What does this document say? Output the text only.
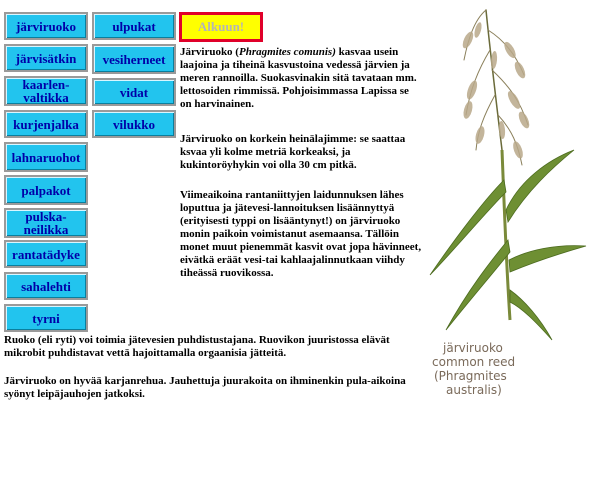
järviruoko
järvisätkin
kaarlen-
valtikka
kurjenjalka
lahnaruohot
palpakot
pulska-
neilikka
rantatädyke
sahalehti
tyrni
ulpukat
vesiherneet
vidat
vilukko
Alkuun!

Järviruoko (Phragmites comunis) kasvaa usein laajoina ja tiheinä kasvustoina vedessä järvien ja meren rannoilla. Suokasvinakin sitä tavataan mm. lettosoiden rimmissä. Pohjoisimmassa Lapissa se on harvinainen.

Järviruoko on korkein heinälajimme: se saattaa ksvaa yli kolme metriä korkeaksi, ja kukintoröyhykin voi olla 30 cm pitkä.

Viimeaikoina rantaniittyjen laidunnuksen lähes loputtua ja jätevesi-lannoituksen lisäännyttyä (erityisesti typpi on lisääntynyt!) on järviruoko monin paikoin voimistanut asemaansa. Tällöin monet muut pienemmät kasvit ovat jopa hävinneet, eivätkä eräät vesi-tai kahlaajalinnutkaan viihdy tiheässä ruovikossa.

Ruoko (eli ryti) voi toimia jätevesien puhdistustajana. Ruovikon juuristossa elävät mikrobit puhdistavat vettä hajoittamalla orgaanisia jätteitä.

Järviruoko on hyvää karjanrehua. Jauhettuja juurakoita on ihminenkin pula-aikoina syönyt leipäjauhojen jatkoksi.

järviruoko
common reed
(Phragmites
australis)
